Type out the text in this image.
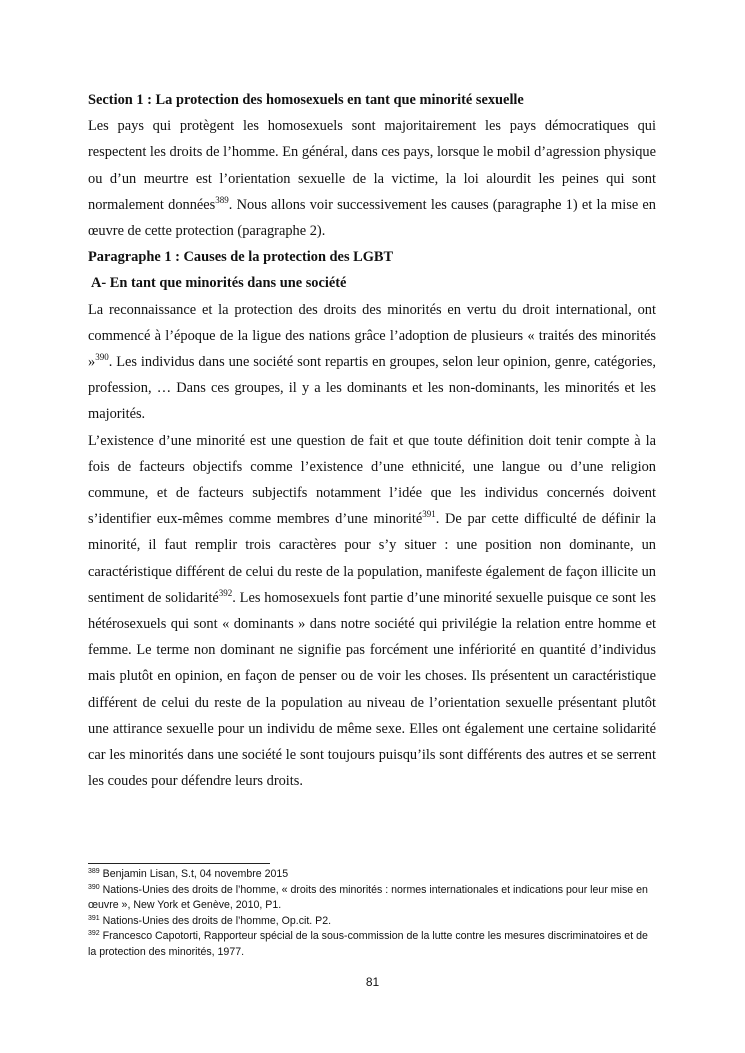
Section 1 : La protection des homosexuels en tant que minorité sexuelle

Les pays qui protègent les homosexuels sont majoritairement les pays démocratiques qui respectent les droits de l’homme. En général, dans ces pays, lorsque le mobil d’agression physique ou d’un meurtre est l’orientation sexuelle de la victime, la loi alourdit les peines qui sont normalement données$^{389}$. Nous allons voir successivement les causes (paragraphe 1) et la mise en œuvre de cette protection (paragraphe 2).

Paragraphe 1 : Causes de la protection des LGBT
A- En tant que minorités dans une société

La reconnaissance et la protection des droits des minorités en vertu du droit international, ont commencé à l’époque de la ligue des nations grâce l’adoption de plusieurs « traités des minorités »$^{390}$. Les individus dans une société sont repartis en groupes, selon leur opinion, genre, catégories, profession, … Dans ces groupes, il y a les dominants et les non-dominants, les minorités et les majorités.

L’existence d’une minorité est une question de fait et que toute définition doit tenir compte à la fois de facteurs objectifs comme l’existence d’une ethnicité, une langue ou d’une religion commune, et de facteurs subjectifs notamment l’idée que les individus concernés doivent s’identifier eux-mêmes comme membres d’une minorité$^{391}$. De par cette difficulté de définir la minorité, il faut remplir trois caractères pour s’y situer : une position non dominante, un caractéristique différent de celui du reste de la population, manifeste également de façon illicite un sentiment de solidarité$^{392}$. Les homosexuels font partie d’une minorité sexuelle puisque ce sont les hétérosexuels qui sont « dominants » dans notre société qui privilégie la relation entre homme et femme. Le terme non dominant ne signifie pas forcément une infériorité en quantité d’individus mais plutôt en opinion, en façon de penser ou de voir les choses. Ils présentent un caractéristique différent de celui du reste de la population au niveau de l’orientation sexuelle présentant plutôt une attirance sexuelle pour un individu de même sexe. Elles ont également une certaine solidarité car les minorités dans une société le sont toujours puisqu’ils sont différents des autres et se serrent les coudes pour défendre leurs droits.

$^{389}$ Benjamin Lisan, S.t, 04 novembre 2015
$^{390}$ Nations-Unies des droits de l’homme, « droits des minorités : normes internationales et indications pour leur mise en œuvre », New York et Genève, 2010, P1.
$^{391}$ Nations-Unies des droits de l’homme, Op.cit. P2.
$^{392}$ Francesco Capotorti, Rapporteur spécial de la sous-commission de la lutte contre les mesures discriminatoires et de la protection des minorités, 1977.
81
